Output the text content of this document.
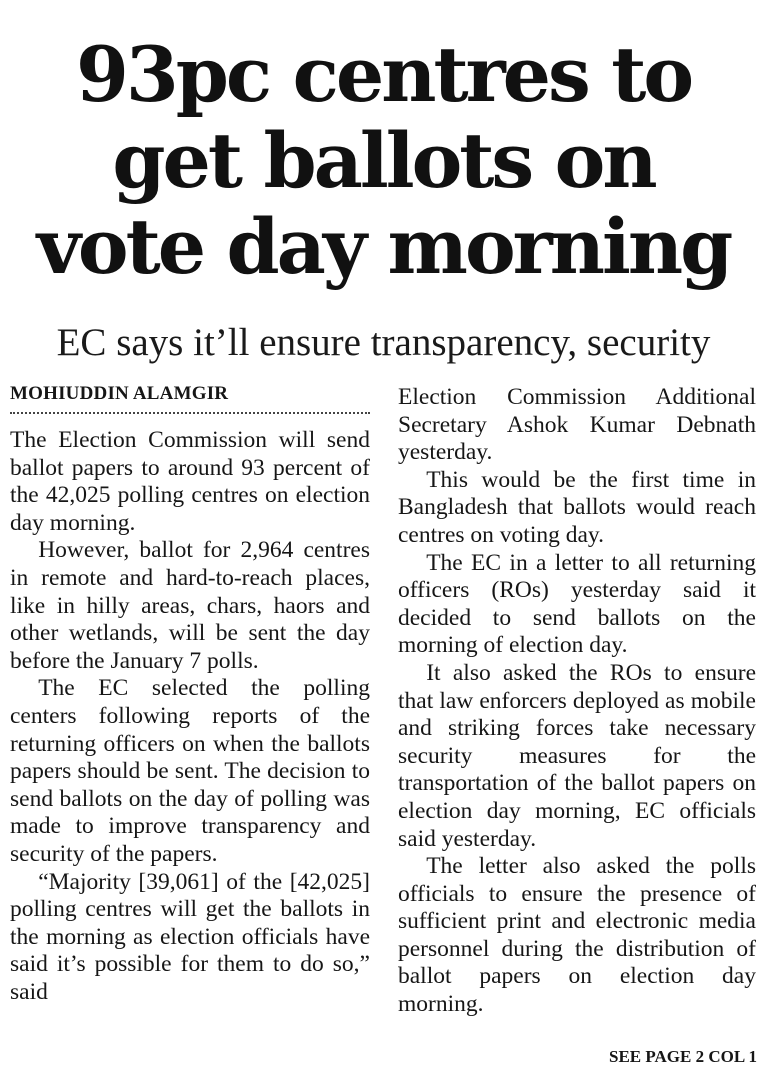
93pc centres to
get ballots on
vote day morning
EC says it’ll ensure transparency, security
MOHIUDDIN ALAMGIR

The Election Commission will send ballot papers to around 93 percent of the 42,025 polling centres on election day morning.

However, ballot for 2,964 centres in remote and hard-to-reach places, like in hilly areas, chars, haors and other wetlands, will be sent the day before the January 7 polls.

The EC selected the polling centers following reports of the returning officers on when the ballots papers should be sent. The decision to send ballots on the day of polling was made to improve transparency and security of the papers.

“Majority [39,061] of the [42,025] polling centres will get the ballots in the morning as election officials have said it’s possible for them to do so,” said

Election Commission Additional Secretary Ashok Kumar Debnath yesterday.

This would be the first time in Bangladesh that ballots would reach centres on voting day.

The EC in a letter to all returning officers (ROs) yesterday said it decided to send ballots on the morning of election day.

It also asked the ROs to ensure that law enforcers deployed as mobile and striking forces take necessary security measures for the transportation of the ballot papers on election day morning, EC officials said yesterday.

The letter also asked the polls officials to ensure the presence of sufficient print and electronic media personnel during the distribution of ballot papers on election day morning.

SEE PAGE 2 COL 1
